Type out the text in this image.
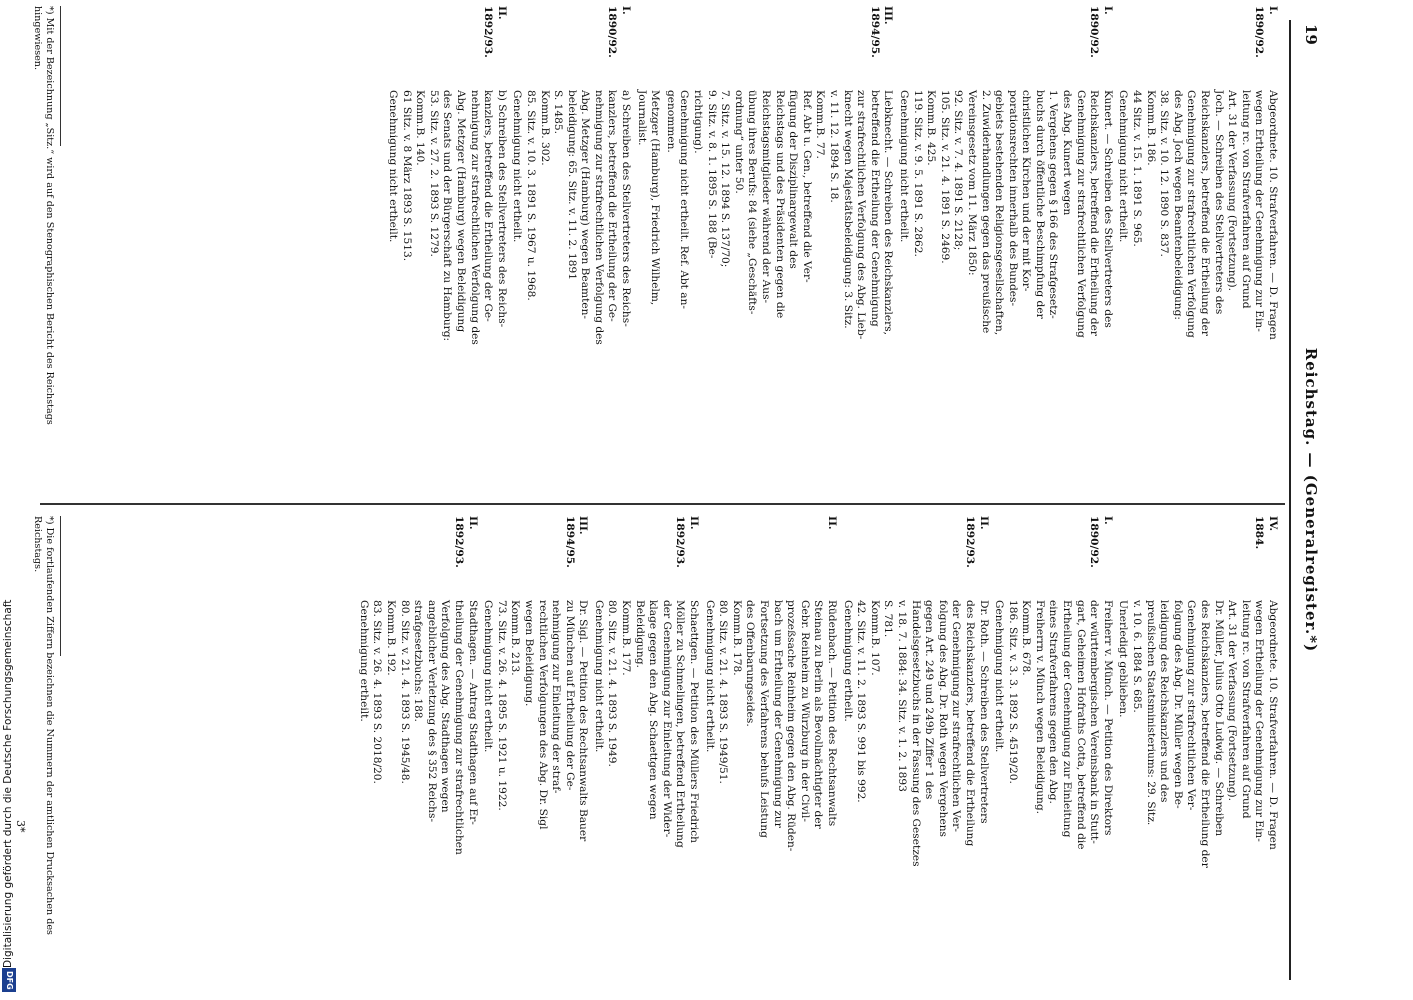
19
Reichstag. — (Generalregister.*)
I.
1890/92.
Abgeordnete. 10. Strafverfahren. — D. Fragen
wegen Ertheilung der Genehmigung zur Ein-
leitung rc. von Strafverfahren auf Grund
Art. 31 der Verfassung (Fortsetzung).
Joch. — Schreiben des Stellvertreters des
Reichskanzlers, betreffend die Ertheilung der
Genehmigung zur strafrechtlichen Verfolgung
des Abg. Joch wegen Beamtenbeleidigung:
38. Sitz. v. 10. 12. 1890 S. 837.
Komm.B. 186.
44 Sitz. v. 15. 1. 1891 S. 965.
Genehmigung nicht ertheilt.
I.
1890/92.
Kunert. — Schreiben des Stellvertreters des
Reichskanzlers, betreffend die Ertheilung der
Genehmigung zur strafrechtlichen Verfolgung
des Abg. Kunert wegen
1. Vergehens gegen § 166 des Strafgesetz-
buchs durch öffentliche Beschimpfung der
christlichen Kirchen und der mit Kor-
porationsrechten innerhalb des Bundes-
gebiets bestehenden Religionsgesellschaften,
2. Zuwiderhandlungen gegen das preußische
Vereinsgesetz vom 11. März 1850:
92. Sitz. v. 7. 4. 1891 S. 2128;
105. Sitz. v. 21. 4. 1891 S. 2469.
Komm.B. 425.
119. Sitz. v. 9. 5. 1891 S. 2862.
Genehmigung nicht ertheilt.
III.
1894/95.
Liebknecht. — Schreiben des Reichskanzlers,
betreffend die Ertheilung der Genehmigung
zur strafrechtlichen Verfolgung des Abg. Lieb-
knecht wegen Majestätsbeleidigung: 3. Sitz.
v. 11. 12. 1894 S. 18.
Komm.B. 77.
Ref. Abt u. Gen., betreffend die Ver-
fügung der Disziplinargewalt des
Reichstags und des Präsidenten gegen die
Reichstagsmitglieder während der Aus-
übung ihres Berufs: 84 (siehe „Geschäfts-
ordnung“ unter 50.
7. Sitz. v. 15. 12. 1894 S. 137/70;
9. Sitz. v. 8. 1. 1895 S. 188 (Be-
richtigung).
Genehmigung nicht ertheilt. Ref. Abt an-
genommen.
Metzger (Hamburg), Friedrich Wilhelm,
Journalist.
I.
1890/92.
a) Schreiben des Stellvertreters des Reichs-
kanzlers, betreffend die Ertheilung der Ge-
nehmigung zur strafrechtlichen Verfolgung des
Abg. Metzger (Hamburg) wegen Beamten-
beleidigung: 65. Sitz. v. 11. 2. 1891
S. 1485.
Komm.B. 302.
85. Sitz. v. 10. 3. 1891 S. 1967 u. 1968.
Genehmigung nicht ertheilt.
II.
1892/93.
b) Schreiben des Stellvertreters des Reichs-
kanzlers, betreffend die Ertheilung der Ge-
nehmigung zur strafrechtlichen Verfolgung des
Abg. Metzger (Hamburg) wegen Beleidigung
des Senats und der Bürgerschaft zu Hamburg:
53. Sitz. v. 27. 2. 1893 S. 1279.
Komm.B. 140.
61 Sitz. v. 8 März 1893 S. 1513.
Genehmigung nicht ertheilt.
IV.
1884.
Abgeordnete. 10. Strafverfahren. — D. Fragen
wegen Ertheilung der Genehmigung zur Ein-
leitung rc. von Strafverfahren auf Grund
Art. 31 der Verfassung (Fortsetzung).
Dr. Müller, Julius Otto Ludwig. — Schreiben
des Reichskanzlers, betreffend die Ertheilung der
Genehmigung zur strafrechtlichen Ver-
folgung des Abg. Dr. Müller wegen Be-
leidigung des Reichskanzlers und des
preußischen Staatsministeriums: 29. Sitz.
v. 10. 6. 1884 S. 685.
Unerledigt geblieben.
I.
1890/92.
Freiherr v. Münch. — Petition des Direktors
der württembergischen Vereinsbank in Stutt-
gart, Geheimen Hofraths Cotta, betreffend die
Ertheilung der Genehmigung zur Einleitung
eines Strafverfahrens gegen den Abg.
Freiherrn v. Münch wegen Beleidigung.
Komm.B. 678.
186. Sitz. v. 3. 3. 1892 S. 4519/20.
Genehmigung nicht ertheilt.
II.
1892/93.
Dr. Roth. — Schreiben des Stellvertreters
des Reichskanzlers, betreffend die Ertheilung
der Genehmigung zur strafrechtlichen Ver-
folgung des Abg. Dr. Roth wegen Vergehens
gegen Art. 249 und 249b Ziffer 1 des
Handelsgesetzbuchs in der Fassung des Gesetzes
v. 18. 7. 1884: 34. Sitz. v. 1. 2. 1893
S. 781.
Komm.B. 107.
42. Sitz. v. 11. 2. 1893 S. 991 bis 992.
Genehmigung ertheilt.
II.
Rüdenbach. — Petition des Rechtsanwalts
Steinau zu Berlin als Bevollmächtigter der
Gebr. Reinheim zu Würzburg in der Civil-
prozeßsache Reinheim gegen den Abg. Rüden-
bach um Ertheilung der Genehmigung zur
Fortsetzung des Verfahrens behufs Leistung
des Offenbarungseides.
Komm.B. 178.
80. Sitz. v. 21. 4. 1893 S. 1949/51.
Genehmigung nicht ertheilt.
II.
1892/93.
Schaettgen. — Petition des Müllers Friedrich
Möller zu Schmelingen, betreffend Ertheilung
der Genehmigung zur Einleitung der Wider-
klage gegen den Abg. Schaettgen wegen
Beleidigung.
Komm.B. 177.
80. Sitz. v. 21. 4. 1893 S. 1949.
Genehmigung nicht ertheilt.
III.
1894/95.
Dr. Sigl. — Petition des Rechtsanwalts Bauer
zu München auf Ertheilung der Ge-
nehmigung zur Einleitung der straf-
rechtlichen Verfolgungen des Abg. Dr. Sigl
wegen Beleidigung.
Komm.B. 213.
73. Sitz. v. 26. 4. 1895 S. 1921 u. 1922.
Genehmigung nicht ertheilt.
II.
1892/93.
Stadthagen. — Antrag Stadthagen auf Er-
theilung der Genehmigung zur strafrechtlichen
Verfolgung des Abg. Stadthagen wegen
angeblicher Verletzung des § 352 Reichs-
strafgesetzbuchs: 188.
80. Sitz. v. 21. 4. 1893 S. 1945/48.
Komm.B. 192.
83. Sitz. v. 26. 4. 1893 S. 2018/20.
Genehmigung ertheilt.
*) Mit der Bezeichnung „Sitz.“ wird auf den Stenographischen Bericht des Reichstags hingewiesen.
*) Die fortlaufenden Ziffern bezeichnen die Nummern der amtlichen Drucksachen des Reichstags.
3*
Digitalisierung gefördert durch die Deutsche Forschungsgemeinschaft
DFG
